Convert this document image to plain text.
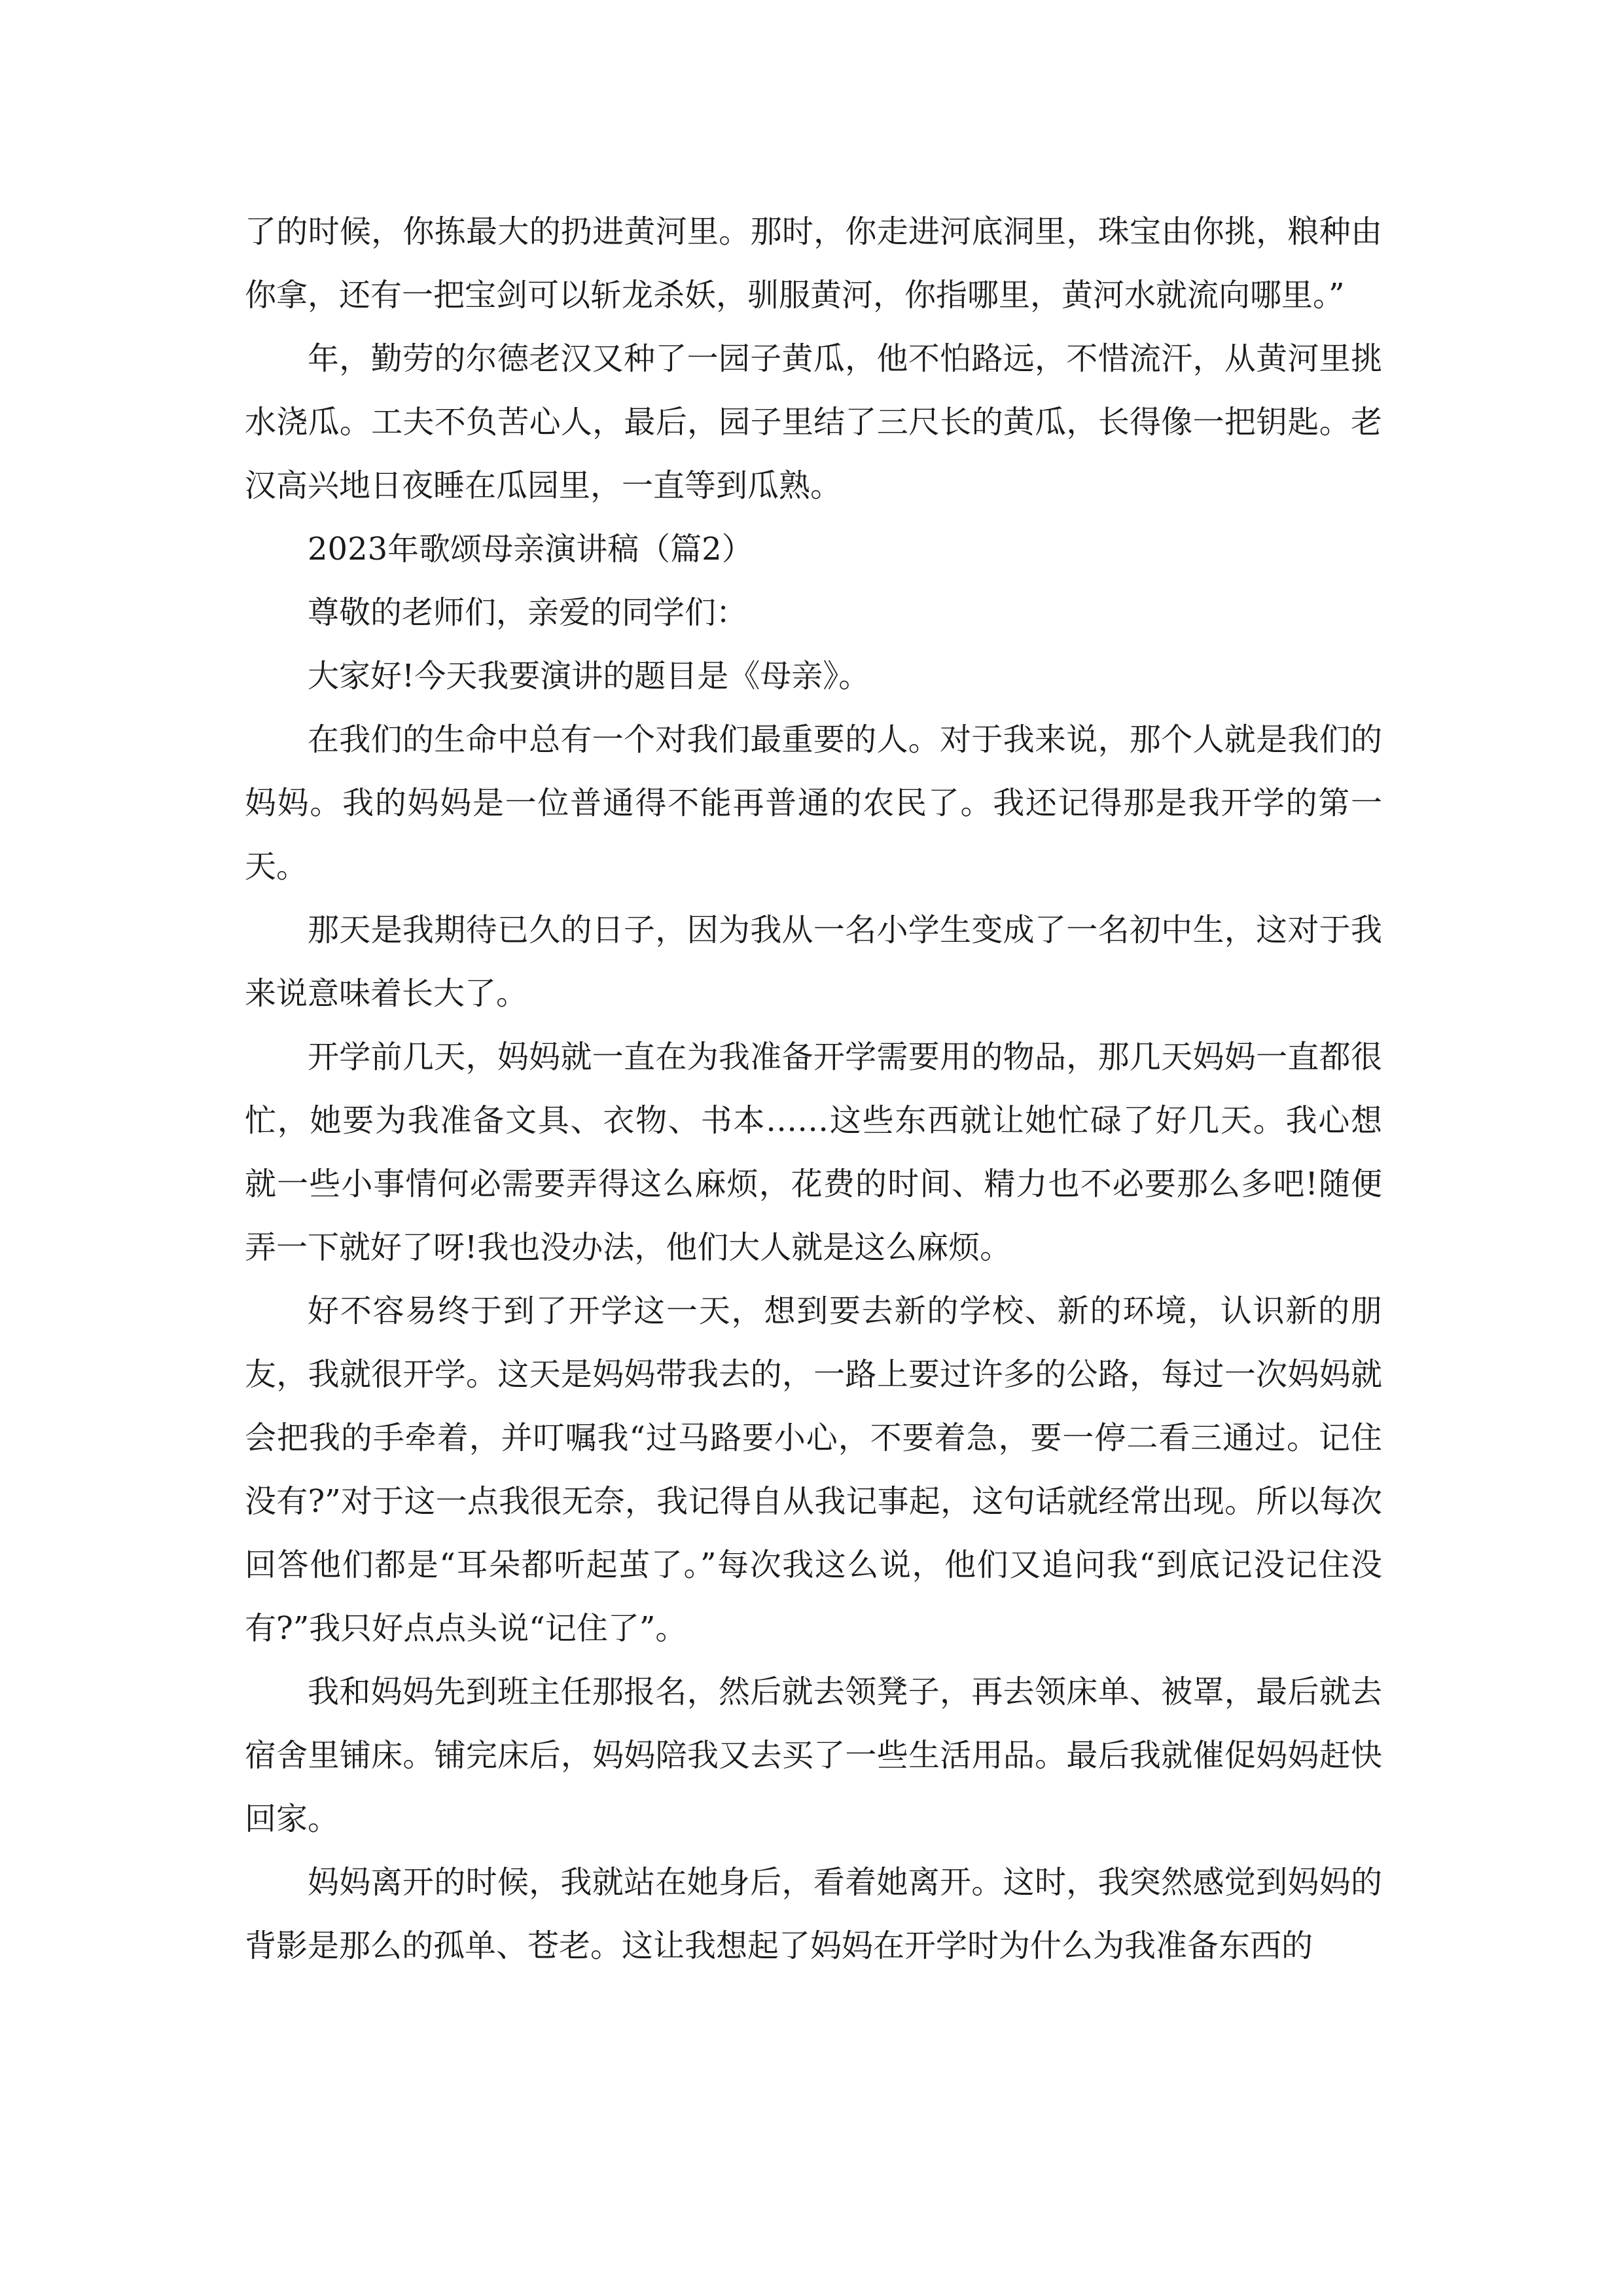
了的时候，你拣最大的扔进黄河里。那时，你走进河底洞里，珠宝由你挑，粮种由你拿，还有一把宝剑可以斩龙杀妖，驯服黄河，你指哪里，黄河水就流向哪里。”

年，勤劳的尔德老汉又种了一园子黄瓜，他不怕路远，不惜流汗，从黄河里挑水浇瓜。工夫不负苦心人，最后，园子里结了三尺长的黄瓜，长得像一把钥匙。老汉高兴地日夜睡在瓜园里，一直等到瓜熟。

2023年歌颂母亲演讲稿（篇2）

尊敬的老师们，亲爱的同学们：

大家好!今天我要演讲的题目是《母亲》。

在我们的生命中总有一个对我们最重要的人。对于我来说，那个人就是我们的妈妈。我的妈妈是一位普通得不能再普通的农民了。我还记得那是我开学的第一天。

那天是我期待已久的日子，因为我从一名小学生变成了一名初中生，这对于我来说意味着长大了。

开学前几天，妈妈就一直在为我准备开学需要用的物品，那几天妈妈一直都很忙，她要为我准备文具、衣物、书本……这些东西就让她忙碌了好几天。我心想 就一些小事情何必需要弄得这么麻烦，花费的时间、精力也不必要那么多吧!随便弄一下就好了呀!我也没办法，他们大人就是这么麻烦。

好不容易终于到了开学这一天，想到要去新的学校、新的环境，认识新的朋友，我就很开学。这天是妈妈带我去的，一路上要过许多的公路，每过一次妈妈就会把我的手牵着，并叮嘱我“过马路要小心，不要着急，要一停二看三通过。记住没有?”对于这一点我很无奈，我记得自从我记事起，这句话就经常出现。所以每次回答他们都是“耳朵都听起茧了。”每次我这么说，他们又追问我“到底记没记住没有?”我只好点点头说“记住了”。

我和妈妈先到班主任那报名，然后就去领凳子，再去领床单、被罩，最后就去宿舍里铺床。铺完床后，妈妈陪我又去买了一些生活用品。最后我就催促妈妈赶快回家。

妈妈离开的时候，我就站在她身后，看着她离开。这时，我突然感觉到妈妈的背影是那么的孤单、苍老。这让我想起了妈妈在开学时为什么为我准备东西的
